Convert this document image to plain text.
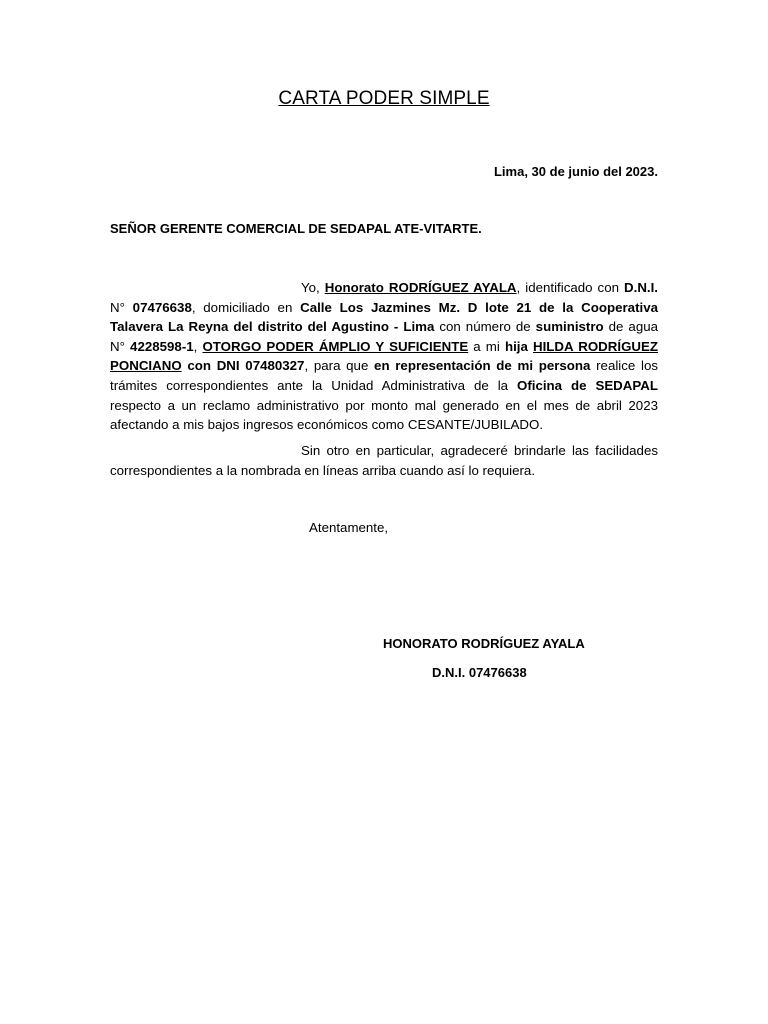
CARTA PODER SIMPLE
Lima, 30 de junio del 2023.
SEÑOR GERENTE COMERCIAL DE SEDAPAL ATE-VITARTE.
Yo, Honorato RODRÍGUEZ AYALA, identificado con D.N.I. N° 07476638, domiciliado en Calle Los Jazmines Mz. D lote 21 de la Cooperativa Talavera La Reyna del distrito del Agustino - Lima con número de suministro de agua N° 4228598-1, OTORGO PODER ÁMPLIO Y SUFICIENTE a mi hija HILDA RODRÍGUEZ PONCIANO con DNI 07480327, para que en representación de mi persona realice los trámites correspondientes ante la Unidad Administrativa de la Oficina de SEDAPAL respecto a un reclamo administrativo por monto mal generado en el mes de abril 2023 afectando a mis bajos ingresos económicos como CESANTE/JUBILADO.
Sin otro en particular, agradeceré brindarle las facilidades correspondientes a la nombrada en líneas arriba cuando así lo requiera.
Atentamente,
HONORATO RODRÍGUEZ AYALA
D.N.I. 07476638
